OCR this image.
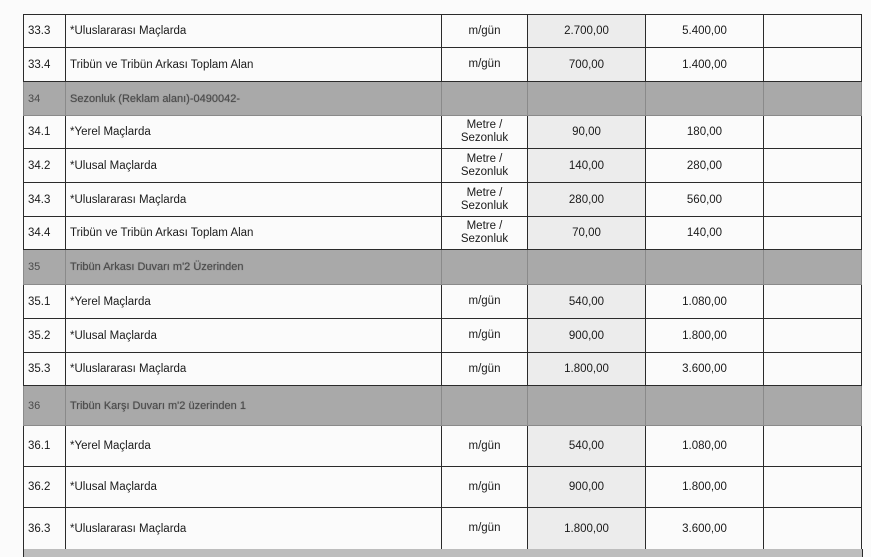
33.3	*Uluslararası Maçlarda	m/gün	2.700,00	5.400,00	
33.4	Tribün ve Tribün Arkası Toplam Alan	m/gün	700,00	1.400,00	
34	Sezonluk (Reklam alanı)-0490042-				
34.1	*Yerel Maçlarda	Metre / Sezonluk	90,00	180,00	
34.2	*Ulusal Maçlarda	Metre / Sezonluk	140,00	280,00	
34.3	*Uluslararası Maçlarda	Metre / Sezonluk	280,00	560,00	
34.4	Tribün ve Tribün Arkası Toplam Alan	Metre / Sezonluk	70,00	140,00	
35	Tribün Arkası Duvarı m'2 Üzerinden				
35.1	*Yerel Maçlarda	m/gün	540,00	1.080,00	
35.2	*Ulusal Maçlarda	m/gün	900,00	1.800,00	
35.3	*Uluslararası Maçlarda	m/gün	1.800,00	3.600,00	
36	Tribün Karşı Duvarı m'2 üzerinden 1				
36.1	*Yerel Maçlarda	m/gün	540,00	1.080,00	
36.2	*Ulusal Maçlarda	m/gün	900,00	1.800,00	
36.3	*Uluslararası Maçlarda	m/gün	1.800,00	3.600,00	
